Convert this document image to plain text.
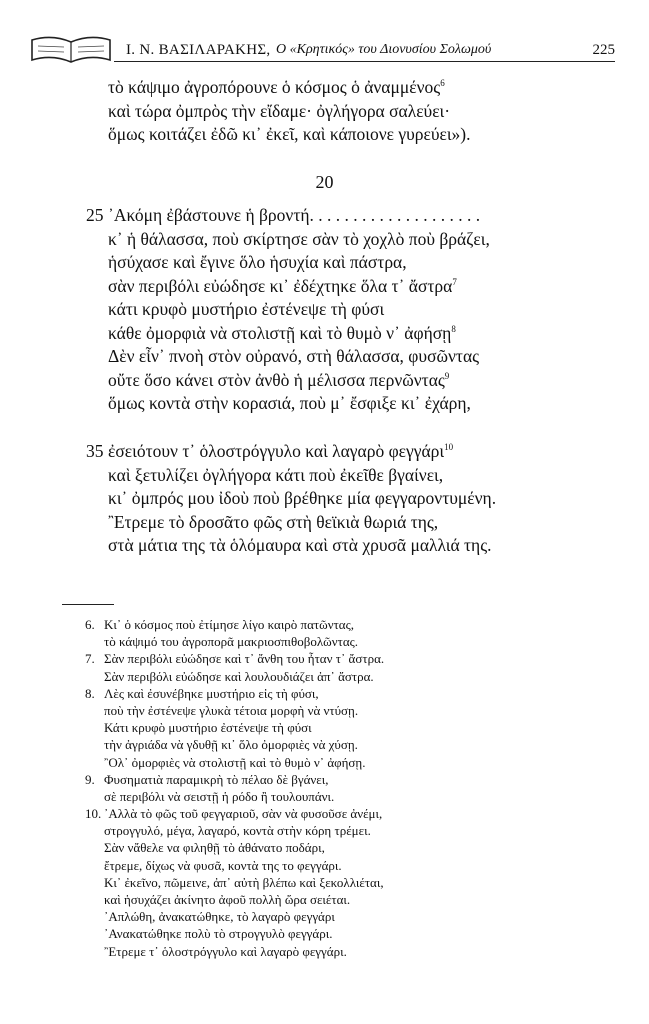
Ι. Ν. ΒΑΣΙΛΑΡΑΚΗΣ, Ο «Κρητικός» του Διονυσίου Σολωμού	225
τὸ κάψιμο ἀγροπόρουνε ὁ κόσμος ὁ ἀναμμένος$^6$
καὶ τώρα ὀμπρὸς τὴν εἴδαμε· ὀγλήγορα σαλεύει·
ὅμως κοιτάζει ἐδῶ κι᾽ ἐκεῖ, καὶ κάποιονε γυρεύει»).
20
25 ᾽Ακόμη ἐβάστουνε ἡ βροντή. . . . . . . . . . . . . . . . . . . .
κ᾽ ἡ θάλασσα, ποὺ σκίρτησε σὰν τὸ χοχλὸ ποὺ βράζει,
ἡσύχασε καὶ ἔγινε ὅλο ἡσυχία καὶ πάστρα,
σὰν περιβόλι εὐώδησε κι᾽ ἐδέχτηκε ὅλα τ᾽ ἄστρα$^7$
κάτι κρυφὸ μυστήριο ἐστένεψε τὴ φύσι
κάθε ὀμορφιὰ νὰ στολιστῇ καὶ τὸ θυμὸ ν᾽ ἀφήσῃ$^8$
Δὲν εἶν᾽ πνοὴ στὸν οὐρανό, στὴ θάλασσα, φυσῶντας
οὔτε ὅσο κάνει στὸν ἀνθὸ ἡ μέλισσα περνῶντας$^9$
ὅμως κοντὰ στὴν κορασιά, ποὺ μ᾽ ἔσφιξε κι᾽ ἐχάρη,
35 ἐσειότουν τ᾽ ὁλοστρόγγυλο καὶ λαγαρὸ φεγγάρι$^{10}$
καὶ ξετυλίζει ὀγλήγορα κάτι ποὺ ἐκεῖθε βγαίνει,
κι᾽ ὀμπρός μου ἰδοὺ ποὺ βρέθηκε μία φεγγαροντυμένη.
῍Ετρεμε τὸ δροσᾶτο φῶς στὴ θεϊκιὰ θωριά της,
στὰ μάτια της τὰ ὁλόμαυρα καὶ στὰ χρυσᾶ μαλλιά της.
6. Κι᾽ ὁ κόσμος ποὺ ἐτίμησε λίγο καιρὸ πατῶντας,
τὸ κάψιμό του ἀγροπορᾶ μακριοσπιθοβολῶντας.
7. Σὰν περιβόλι εὐώδησε καὶ τ᾽ ἄνθη του ἦταν τ᾽ ἄστρα.
Σὰν περιβόλι εὐώδησε καὶ λουλουδιάζει ἀπ᾽ ἄστρα.
8. Λὲς καὶ ἐσυνέβηκε μυστήριο εἰς τὴ φύσι,
ποὺ τὴν ἐστένεψε γλυκὰ τέτοια μορφὴ νὰ ντύσῃ.
Κάτι κρυφὸ μυστήριο ἐστένεψε τὴ φύσι
τὴν ἀγριάδα νὰ γδυθῇ κι᾽ ὅλο ὀμορφιὲς νὰ χύσῃ.
῍Ολ᾽ ὀμορφιὲς νὰ στολιστῇ καὶ τὸ θυμὸ ν᾽ ἀφήσῃ.
9. Φυσηματιὰ παραμικρὴ τὸ πέλαο δὲ βγάνει,
σὲ περιβόλι νὰ σειστῇ ἡ ρόδο ἢ τουλουπάνι.
10. ᾽Αλλὰ τὸ φῶς τοῦ φεγγαριοῦ, σὰν νὰ φυσοῦσε ἀνέμι,
στρογγυλό, μέγα, λαγαρό, κοντὰ στὴν κόρη τρέμει.
Σὰν νἄθελε να φιληθῇ τὸ ἀθάνατο ποδάρι,
ἔτρεμε, δίχως νὰ φυσᾶ, κοντὰ της το φεγγάρι.
Κι᾽ ἐκεῖνο, πῶμεινε, ἀπ᾽ αὐτὴ βλέπω καὶ ξεκολλιέται,
καὶ ἡσυχάζει ἀκίνητο ἀφοῦ πολλὴ ὥρα σειέται.
᾽Απλώθη, ἀνακατώθηκε, τὸ λαγαρὸ φεγγάρι
᾽Ανακατώθηκε πολὺ τὸ στρογγυλὸ φεγγάρι.
῍Ετρεμε τ᾽ ὁλοστρόγγυλο καὶ λαγαρὸ φεγγάρι.
